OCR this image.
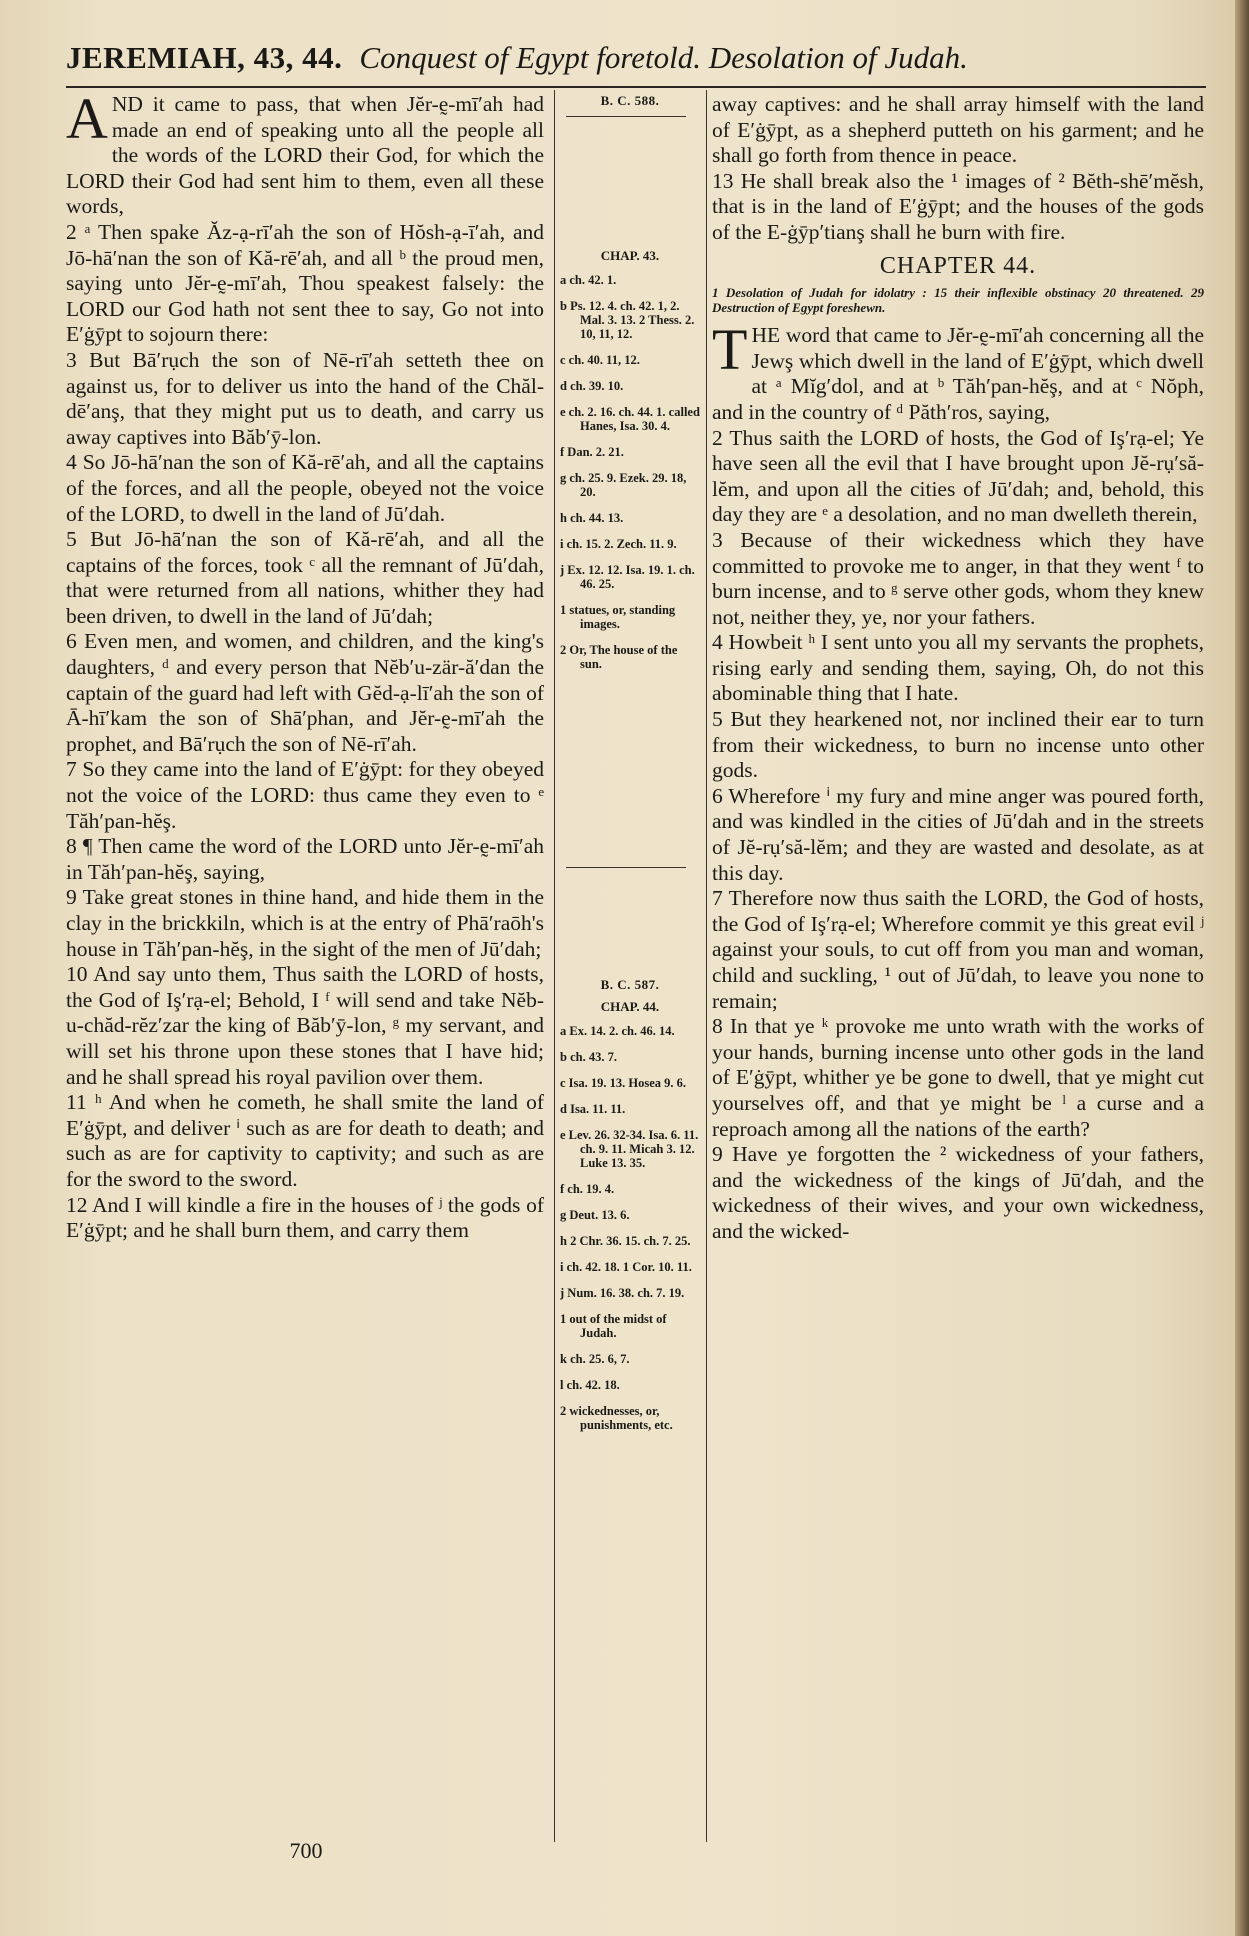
JEREMIAH, 43, 44. Conquest of Egypt foretold. Desolation of Judah.

AND it came to pass, that when Jĕr-ḛ-mī′ah had made an end of speaking unto all the people all the words of the LORD their God, for which the LORD their God had sent him to them, even all these words,

2 ᵃ Then spake Ăz-ạ-rī′ah the son of Hŏsh-ạ-ī′ah, and Jō-hā′nan the son of Kă-rē′ah, and all ᵇ the proud men, saying unto Jĕr-ḛ-mī′ah, Thou speakest falsely: the LORD our God hath not sent thee to say, Go not into E′ġȳpt to sojourn there:

3 But Bā′rụch the son of Nē-rī′ah setteth thee on against us, for to deliver us into the hand of the Chăl-dē′anş, that they might put us to death, and carry us away captives into Băb′ȳ-lon.

4 So Jō-hā′nan the son of Kă-rē′ah, and all the captains of the forces, and all the people, obeyed not the voice of the LORD, to dwell in the land of Jū′dah.

5 But Jō-hā′nan the son of Kă-rē′ah, and all the captains of the forces, took ᶜ all the remnant of Jū′dah, that were returned from all nations, whither they had been driven, to dwell in the land of Jū′dah;

6 Even men, and women, and children, and the king's daughters, ᵈ and every person that Nĕb′u-zär-ă′dan the captain of the guard had left with Gĕd-ạ-lī′ah the son of Ā-hī′kam the son of Shā′phan, and Jĕr-ḛ-mī′ah the prophet, and Bā′rụch the son of Nē-rī′ah.

7 So they came into the land of E′ġȳpt: for they obeyed not the voice of the LORD: thus came they even to ᵉ Tăh′pan-hĕş.

8 ¶ Then came the word of the LORD unto Jĕr-ḛ-mī′ah in Tăh′pan-hĕş, saying,

9 Take great stones in thine hand, and hide them in the clay in the brickkiln, which is at the entry of Phā′raōh's house in Tăh′pan-hĕş, in the sight of the men of Jū′dah;

10 And say unto them, Thus saith the LORD of hosts, the God of Iş′rạ-el; Behold, I ᶠ will send and take Nĕb-u-chăd-rĕz′zar the king of Băb′ȳ-lon, ᵍ my servant, and will set his throne upon these stones that I have hid; and he shall spread his royal pavilion over them.

11 ʰ And when he cometh, he shall smite the land of E′ġȳpt, and deliver ⁱ such as are for death to death; and such as are for captivity to captivity; and such as are for the sword to the sword.

12 And I will kindle a fire in the houses of ʲ the gods of E′ġȳpt; and he shall burn them, and carry them

B. C. 588.
CHAP. 43.
a ch. 42. 1.
b Ps. 12. 4. ch. 42. 1, 2. Mal. 3. 13. 2 Thess. 2. 10, 11, 12.
c ch. 40. 11, 12.
d ch. 39. 10.
e ch. 2. 16. ch. 44. 1. called Hanes, Isa. 30. 4.
f Dan. 2. 21.
g ch. 25. 9. Ezek. 29. 18, 20.
h ch. 44. 13.
i ch. 15. 2. Zech. 11. 9.
j Ex. 12. 12. Isa. 19. 1. ch. 46. 25.
1 statues, or, standing images.
2 Or, The house of the sun.
B. C. 587.
CHAP. 44.
a Ex. 14. 2. ch. 46. 14.
b ch. 43. 7.
c Isa. 19. 13. Hosea 9. 6.
d Isa. 11. 11.
e Lev. 26. 32-34. Isa. 6. 11. ch. 9. 11. Micah 3. 12. Luke 13. 35.
f ch. 19. 4.
g Deut. 13. 6.
h 2 Chr. 36. 15. ch. 7. 25.
i ch. 42. 18. 1 Cor. 10. 11.
j Num. 16. 38. ch. 7. 19.
1 out of the midst of Judah.
k ch. 25. 6, 7.
l ch. 42. 18.
2 wickednesses, or, punishments, etc.

away captives: and he shall array himself with the land of E′ġȳpt, as a shepherd putteth on his garment; and he shall go forth from thence in peace.

13 He shall break also the ¹ images of ² Bĕth-shē′mĕsh, that is in the land of E′ġȳpt; and the houses of the gods of the E-ġȳp′tianş shall he burn with fire.

CHAPTER 44.
1 Desolation of Judah for idolatry : 15 their inflexible obstinacy 20 threatened. 29 Destruction of Egypt foreshewn.

THE word that came to Jĕr-ḛ-mī′ah concerning all the Jewş which dwell in the land of E′ġȳpt, which dwell at ᵃ Mĭg′dol, and at ᵇ Tăh′pan-hĕş, and at ᶜ Nŏph, and in the country of ᵈ Păth′ros, saying,

2 Thus saith the LORD of hosts, the God of Iş′rạ-el; Ye have seen all the evil that I have brought upon Jĕ-rụ′să-lĕm, and upon all the cities of Jū′dah; and, behold, this day they are ᵉ a desolation, and no man dwelleth therein,

3 Because of their wickedness which they have committed to provoke me to anger, in that they went ᶠ to burn incense, and to ᵍ serve other gods, whom they knew not, neither they, ye, nor your fathers.

4 Howbeit ʰ I sent unto you all my servants the prophets, rising early and sending them, saying, Oh, do not this abominable thing that I hate.

5 But they hearkened not, nor inclined their ear to turn from their wickedness, to burn no incense unto other gods.

6 Wherefore ⁱ my fury and mine anger was poured forth, and was kindled in the cities of Jū′dah and in the streets of Jĕ-rụ′să-lĕm; and they are wasted and desolate, as at this day.

7 Therefore now thus saith the LORD, the God of hosts, the God of Iş′rạ-el; Wherefore commit ye this great evil ʲ against your souls, to cut off from you man and woman, child and suckling, ¹ out of Jū′dah, to leave you none to remain;

8 In that ye ᵏ provoke me unto wrath with the works of your hands, burning incense unto other gods in the land of E′ġȳpt, whither ye be gone to dwell, that ye might cut yourselves off, and that ye might be ˡ a curse and a reproach among all the nations of the earth?

9 Have ye forgotten the ² wickedness of your fathers, and the wickedness of the kings of Jū′dah, and the wickedness of their wives, and your own wickedness, and the wicked-

700
